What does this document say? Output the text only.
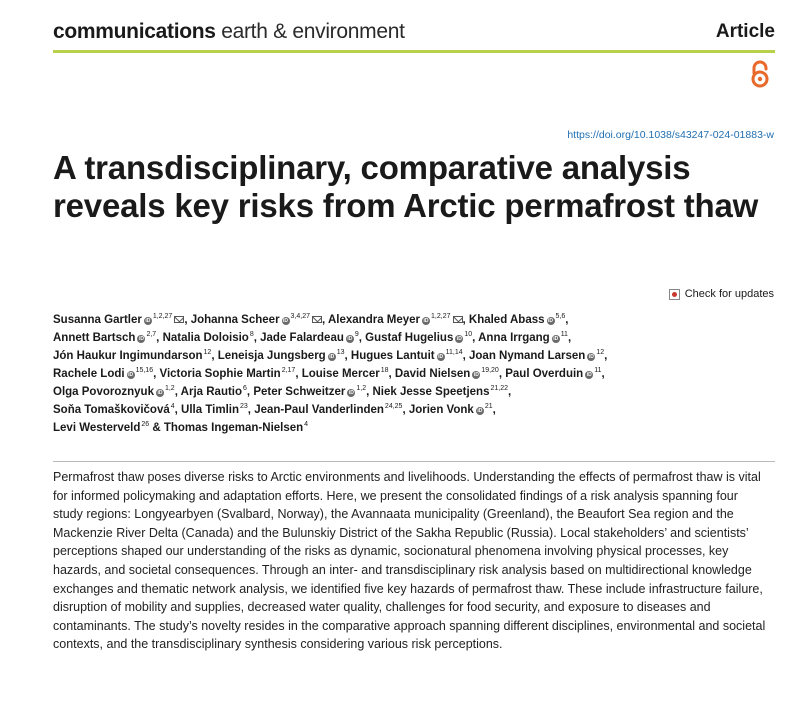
communications earth & environment	Article
https://doi.org/10.1038/s43247-024-01883-w
A transdisciplinary, comparative analysis reveals key risks from Arctic permafrost thaw
Check for updates

Susanna Gartler iD$^{1,2,27}$ , Johanna Scheer iD$^{3,4,27}$ , Alexandra Meyer iD$^{1,2,27}$ , Khaled Abass iD$^{5,6}$,
Annett Bartsch iD$^{2,7}$, Natalia Doloisio$^8$, Jade Falardeau $iD^9$, Gustaf Hugelius $iD^{10}$, Anna Irrgang $iD^{11}$,
Jón Haukur Ingimundarson$^{12}$, Leneisja Jungsberg $iD^{13}$, Hugues Lantuit iD$^{11,14}$, Joan Nymand Larsen $iD^{12}$,
Rachele Lodi iD$^{15,16}$, Victoria Sophie Martin$^{2,17}$, Louise Mercer$^{18}$, David Nielsen iD$^{19,20}$, Paul Overduin $iD^{11}$,
Olga Povoroznyuk iD$^{1,2}$, Arja Rautio$^6$, Peter Schweitzer iD$^{1,2}$, Niek Jesse Speetjens$^{21,22}$,
Soňa Tomaškovičová$^4$, Ulla Timlin$^{23}$, Jean-Paul Vanderlinden$^{24,25}$, Jorien Vonk $iD^{21}$,
Levi Westerveld$^{26}$ & Thomas Ingeman-Nielsen$^4$

Permafrost thaw poses diverse risks to Arctic environments and livelihoods. Understanding the effects of permafrost thaw is vital for informed policymaking and adaptation efforts. Here, we present the consolidated findings of a risk analysis spanning four study regions: Longyearbyen (Svalbard, Norway), the Avannaata municipality (Greenland), the Beaufort Sea region and the Mackenzie River Delta (Canada) and the Bulunskiy District of the Sakha Republic (Russia). Local stakeholders’ and scientists’ perceptions shaped our understanding of the risks as dynamic, socionatural phenomena involving physical processes, key hazards, and societal consequences. Through an inter- and transdisciplinary risk analysis based on multidirectional knowledge exchanges and thematic network analysis, we identified five key hazards of permafrost thaw. These include infrastructure failure, disruption of mobility and supplies, decreased water quality, challenges for food security, and exposure to diseases and contaminants. The study’s novelty resides in the comparative approach spanning different disciplines, environmental and societal contexts, and the transdisciplinary synthesis considering various risk perceptions.
